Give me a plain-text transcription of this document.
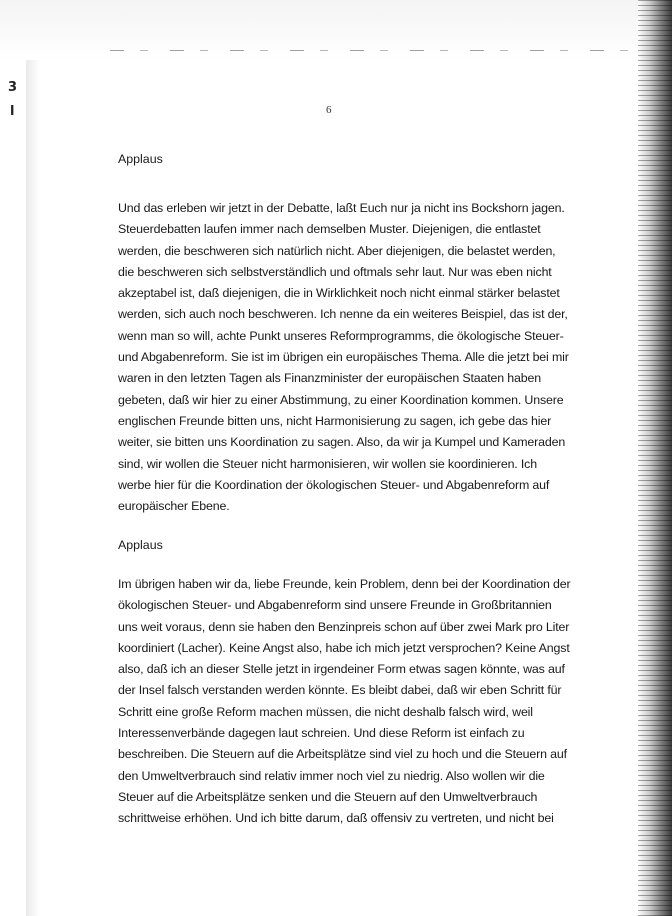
3
l	6
Applaus
Und das erleben wir jetzt in der Debatte, laßt Euch nur ja nicht ins Bockshorn jagen.
Steuerdebatten laufen immer nach demselben Muster. Diejenigen, die entlastet
werden, die beschweren sich natürlich nicht. Aber diejenigen, die belastet werden,
die beschweren sich selbstverständlich und oftmals sehr laut. Nur was eben nicht
akzeptabel ist, daß diejenigen, die in Wirklichkeit noch nicht einmal stärker belastet
werden, sich auch noch beschweren. Ich nenne da ein weiteres Beispiel, das ist der,
wenn man so will, achte Punkt unseres Reformprogramms, die ökologische Steuer-
und Abgabenreform. Sie ist im übrigen ein europäisches Thema. Alle die jetzt bei mir
waren in den letzten Tagen als Finanzminister der europäischen Staaten haben
gebeten, daß wir hier zu einer Abstimmung, zu einer Koordination kommen. Unsere
englischen Freunde bitten uns, nicht Harmonisierung zu sagen, ich gebe das hier
weiter, sie bitten uns Koordination zu sagen. Also, da wir ja Kumpel und Kameraden
sind, wir wollen die Steuer nicht harmonisieren, wir wollen sie koordinieren. Ich
werbe hier für die Koordination der ökologischen Steuer- und Abgabenreform auf
europäischer Ebene.
Applaus
Im übrigen haben wir da, liebe Freunde, kein Problem, denn bei der Koordination der
ökologischen Steuer- und Abgabenreform sind unsere Freunde in Großbritannien
uns weit voraus, denn sie haben den Benzinpreis schon auf über zwei Mark pro Liter
koordiniert (Lacher). Keine Angst also, habe ich mich jetzt versprochen? Keine Angst
also, daß ich an dieser Stelle jetzt in irgendeiner Form etwas sagen könnte, was auf
der Insel falsch verstanden werden könnte. Es bleibt dabei, daß wir eben Schritt für
Schritt eine große Reform machen müssen, die nicht deshalb falsch wird, weil
Interessenverbände dagegen laut schreien. Und diese Reform ist einfach zu
beschreiben. Die Steuern auf die Arbeitsplätze sind viel zu hoch und die Steuern auf
den Umweltverbrauch sind relativ immer noch viel zu niedrig. Also wollen wir die
Steuer auf die Arbeitsplätze senken und die Steuern auf den Umweltverbrauch
schrittweise erhöhen. Und ich bitte darum, daß offensiv zu vertreten, und nicht bei
